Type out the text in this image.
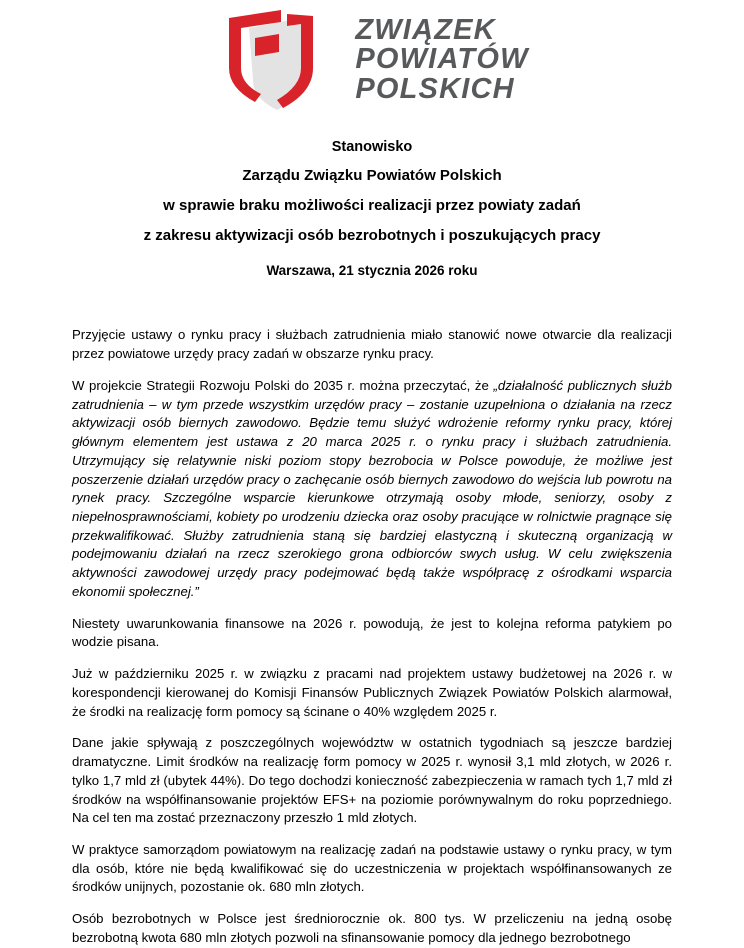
ZWIĄZEK
POWIATÓW
POLSKICH

Stanowisko

Zarządu Związku Powiatów Polskich

w sprawie braku możliwości realizacji przez powiaty zadań

z zakresu aktywizacji osób bezrobotnych i poszukujących pracy

Warszawa, 21 stycznia 2026 roku

Przyjęcie ustawy o rynku pracy i służbach zatrudnienia miało stanowić nowe otwarcie dla realizacji przez powiatowe urzędy pracy zadań w obszarze rynku pracy.

W projekcie Strategii Rozwoju Polski do 2035 r. można przeczytać, że „działalność publicznych służb zatrudnienia – w tym przede wszystkim urzędów pracy – zostanie uzupełniona o działania na rzecz aktywizacji osób biernych zawodowo. Będzie temu służyć wdrożenie reformy rynku pracy, której głównym elementem jest ustawa z 20 marca 2025 r. o rynku pracy i służbach zatrudnienia. Utrzymujący się relatywnie niski poziom stopy bezrobocia w Polsce powoduje, że możliwe jest poszerzenie działań urzędów pracy o zachęcanie osób biernych zawodowo do wejścia lub powrotu na rynek pracy. Szczególne wsparcie kierunkowe otrzymają osoby młode, seniorzy, osoby z niepełnosprawnościami, kobiety po urodzeniu dziecka oraz osoby pracujące w rolnictwie pragnące się przekwalifikować. Służby zatrudnienia staną się bardziej elastyczną i skuteczną organizacją w podejmowaniu działań na rzecz szerokiego grona odbiorców swych usług. W celu zwiększenia aktywności zawodowej urzędy pracy podejmować będą także współpracę z ośrodkami wsparcia ekonomii społecznej.”

Niestety uwarunkowania finansowe na 2026 r. powodują, że jest to kolejna reforma patykiem po wodzie pisana.

Już w październiku 2025 r. w związku z pracami nad projektem ustawy budżetowej na 2026 r. w korespondencji kierowanej do Komisji Finansów Publicznych Związek Powiatów Polskich alarmował, że środki na realizację form pomocy są ścinane o 40% względem 2025 r.

Dane jakie spływają z poszczególnych województw w ostatnich tygodniach są jeszcze bardziej dramatyczne. Limit środków na realizację form pomocy w 2025 r. wynosił 3,1 mld złotych, w 2026 r. tylko 1,7 mld zł (ubytek 44%). Do tego dochodzi konieczność zabezpieczenia w ramach tych 1,7 mld zł środków na współfinansowanie projektów EFS+ na poziomie porównywalnym do roku poprzedniego. Na cel ten ma zostać przeznaczony przeszło 1 mld złotych.

W praktyce samorządom powiatowym na realizację zadań na podstawie ustawy o rynku pracy, w tym dla osób, które nie będą kwalifikować się do uczestniczenia w projektach współfinansowanych ze środków unijnych, pozostanie ok. 680 mln złotych.

Osób bezrobotnych w Polsce jest średniorocznie ok. 800 tys. W przeliczeniu na jedną osobę bezrobotną kwota 680 mln złotych pozwoli na sfinansowanie pomocy dla jednego bezrobotnego
